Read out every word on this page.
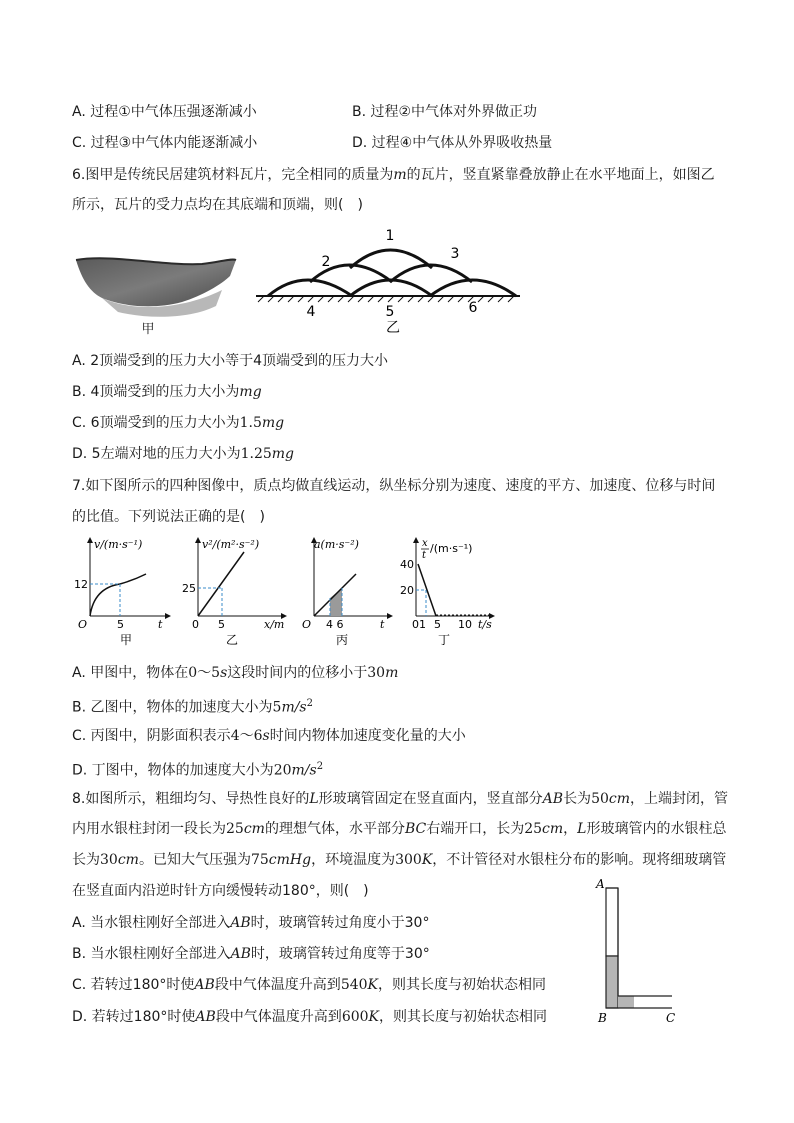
A. 过程①中气体压强逐渐减小	B. 过程②中气体对外界做正功
C. 过程③中气体内能逐渐减小	D. 过程④中气体从外界吸收热量
6.图甲是传统民居建筑材料瓦片，完全相同的质量为m的瓦片，竖直紧靠叠放静止在水平地面上，如图乙
所示，瓦片的受力点均在其底端和顶端，则(　)
甲
1
2	3
4	5	6
乙
A. 2顶端受到的压力大小等于4顶端受到的压力大小
B. 4顶端受到的压力大小为mg
C. 6顶端受到的压力大小为1.5mg
D. 5左端对地的压力大小为1.25mg
7.如下图所示的四种图像中，质点均做直线运动，纵坐标分别为速度、速度的平方、加速度、位移与时间
的比值。下列说法正确的是(　)
v/(m·s⁻¹)
12
5	t
O
甲
v²/(m²·s⁻²)
25
0 5	x/m
乙
a(m·s⁻²)
4 6	t
O
丙
x
t
/(m·s⁻¹)
40
20
01 5 10 t/s
丁
A. 甲图中，物体在0～5s这段时间内的位移小于30m
B. 乙图中，物体的加速度大小为$5m/s^2$
C. 丙图中，阴影面积表示4～6s时间内物体加速度变化量的大小
D. 丁图中，物体的加速度大小为$20m/s^2$
8.如图所示，粗细均匀、导热性良好的L形玻璃管固定在竖直面内，竖直部分AB长为50cm，上端封闭，管
内用水银柱封闭一段长为25cm的理想气体，水平部分BC右端开口，长为25cm，L形玻璃管内的水银柱总
长为30cm。已知大气压强为75cmHg，环境温度为300K，不计管径对水银柱分布的影响。现将细玻璃管
在竖直面内沿逆时针方向缓慢转动180°，则(　)
A. 当水银柱刚好全部进入AB时，玻璃管转过角度小于30°
B. 当水银柱刚好全部进入AB时，玻璃管转过角度等于30°
C. 若转过180°时使AB段中气体温度升高到540K，则其长度与初始状态相同
D. 若转过180°时使AB段中气体温度升高到600K，则其长度与初始状态相同
A
B	C
